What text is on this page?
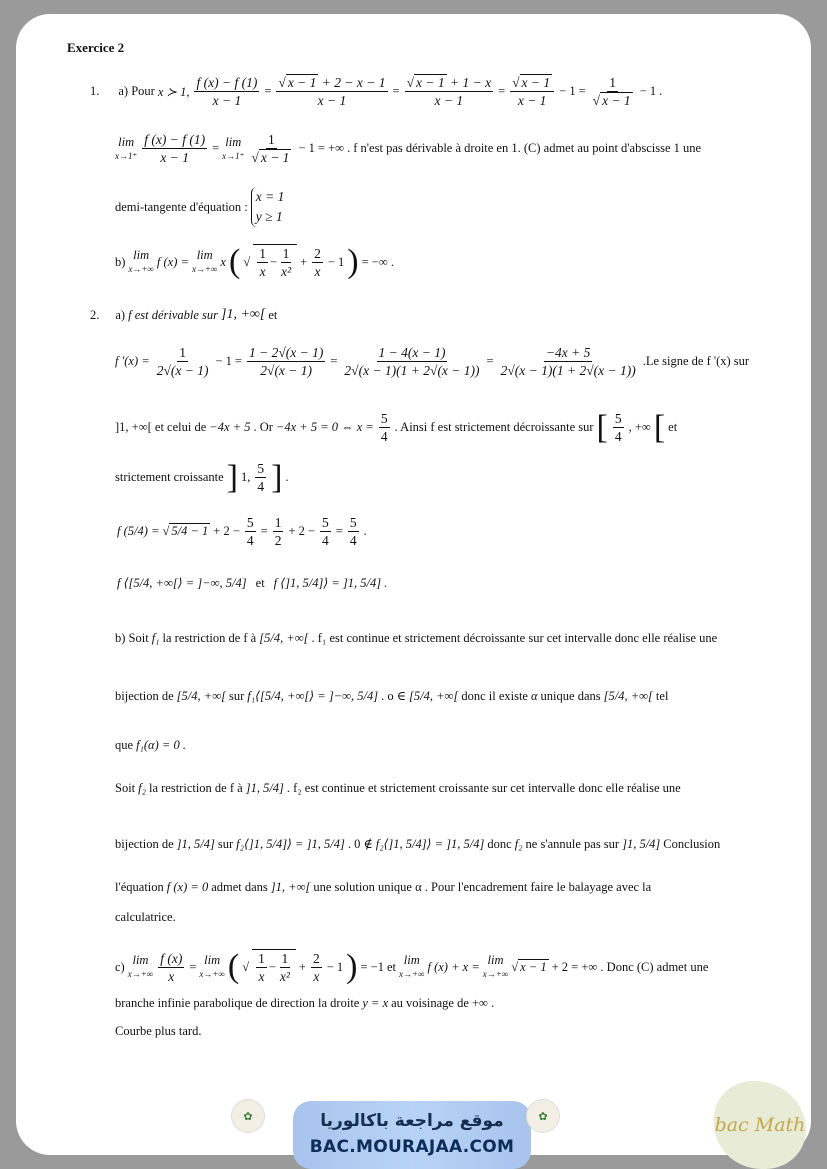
Exercice 2
1. a) Pour x ≻ 1, $\frac{f (x) - f (1)}{x - 1} = \frac{√ x - 1 + 2 - x - 1}{x - 1} = \frac{√ x - 1 + 1 - x}{x - 1} = \frac{√ x - 1}{x - 1} - 1 = \frac{1}{√ x - 1} - 1$ .
lim
$x\to 1^+ \frac{f (x) - f (1)}{x - 1} = \lim$
$x\to 1^+ \frac{1}{√ x - 1} - 1$ = +∞ . f n'est pas dérivable à droite en 1. (C) admet au point d'abscisse 1 une
demi-tangente d'équation :
x = 1
y ≥ 1
b) lim
x→+∞
f (x) = lim
x→+∞
x ( √ $\frac{1}{x} - \frac{1}{\text{x²}} + \frac{2}{x} - 1$ ) = −∞ .
2. a) f est dérivable sur ]1, +∞[ et
f '$(x) = \frac{1}{2√(x - 1)} - 1 = \frac{1 - 2√(x - 1)}{2√(x - 1)} = \frac{1 - 4(x - 1)}{2√(x - 1)(1 + 2√(x - 1))} = \frac{-4x + 5}{2√(x - 1)(1 + 2√(x - 1))} .Le$ signe de f '(x) sur
]1, +∞[ et celui de −4x + 5 . Or −4x + 5 = 0 ⇔ $x = \frac{5}{4}$ . Ainsi f est strictement décroissante sur [ $\frac{5}{4}$ , +∞ [ et
strictement croissante ] 1, $\frac{5}{4}$ ] .
f (5/4) = √ $5/4 - 1 + 2 - \frac{5}{4} = \frac{1}{2} + 2 - \frac{5}{4} = \frac{5}{4}$ .
f ⟨[5/4, +∞[⟩ = ]−∞, 5/4] et f ⟨]1, 5/4]⟩ = ]1, 5/4] .
b) Soit f₁ la restriction de f à [5/4, +∞[ . f₁ est continue et strictement décroissante sur cet intervalle donc elle réalise une
bijection de [5/4, +∞[ sur f₁⟨[5/4, +∞[⟩ = ]−∞, 5/4] . o ∈ [5/4, +∞[ donc il existe α unique dans [5/4, +∞[ tel
que f₁(α) = 0 .
Soit f₂ la restriction de f à ]1, 5/4] . f₂ est continue et strictement croissante sur cet intervalle donc elle réalise une
bijection de ]1, 5/4] sur f₂⟨]1, 5/4]⟩ = ]1, 5/4] . 0 ∉ f₂⟨]1, 5/4]⟩ = ]1, 5/4] donc f₂ ne s'annule pas sur ]1, 5/4] Conclusion
l'équation f (x) = 0 admet dans ]1, +∞[ une solution unique α . Pour l'encadrement faire le balayage avec la
calculatrice.
c) lim
$x\to+\infty \frac{f (x)}{x} = \lim$
x→+∞ ( √ $\frac{1}{x} - \frac{1}{\text{x²}} + \frac{2}{x} - 1$ ) = −1 et lim
x→+∞
f (x) + x = lim
x→+∞
√ x − 1 + 2 = +∞ . Donc (C) admet une
branche infinie parabolique de direction la droite y = x au voisinage de +∞ .
Courbe plus tard.
✿	موقع مراجعة باكالوريا
BAC.MOURAJAA.COM
✿	bac Math
